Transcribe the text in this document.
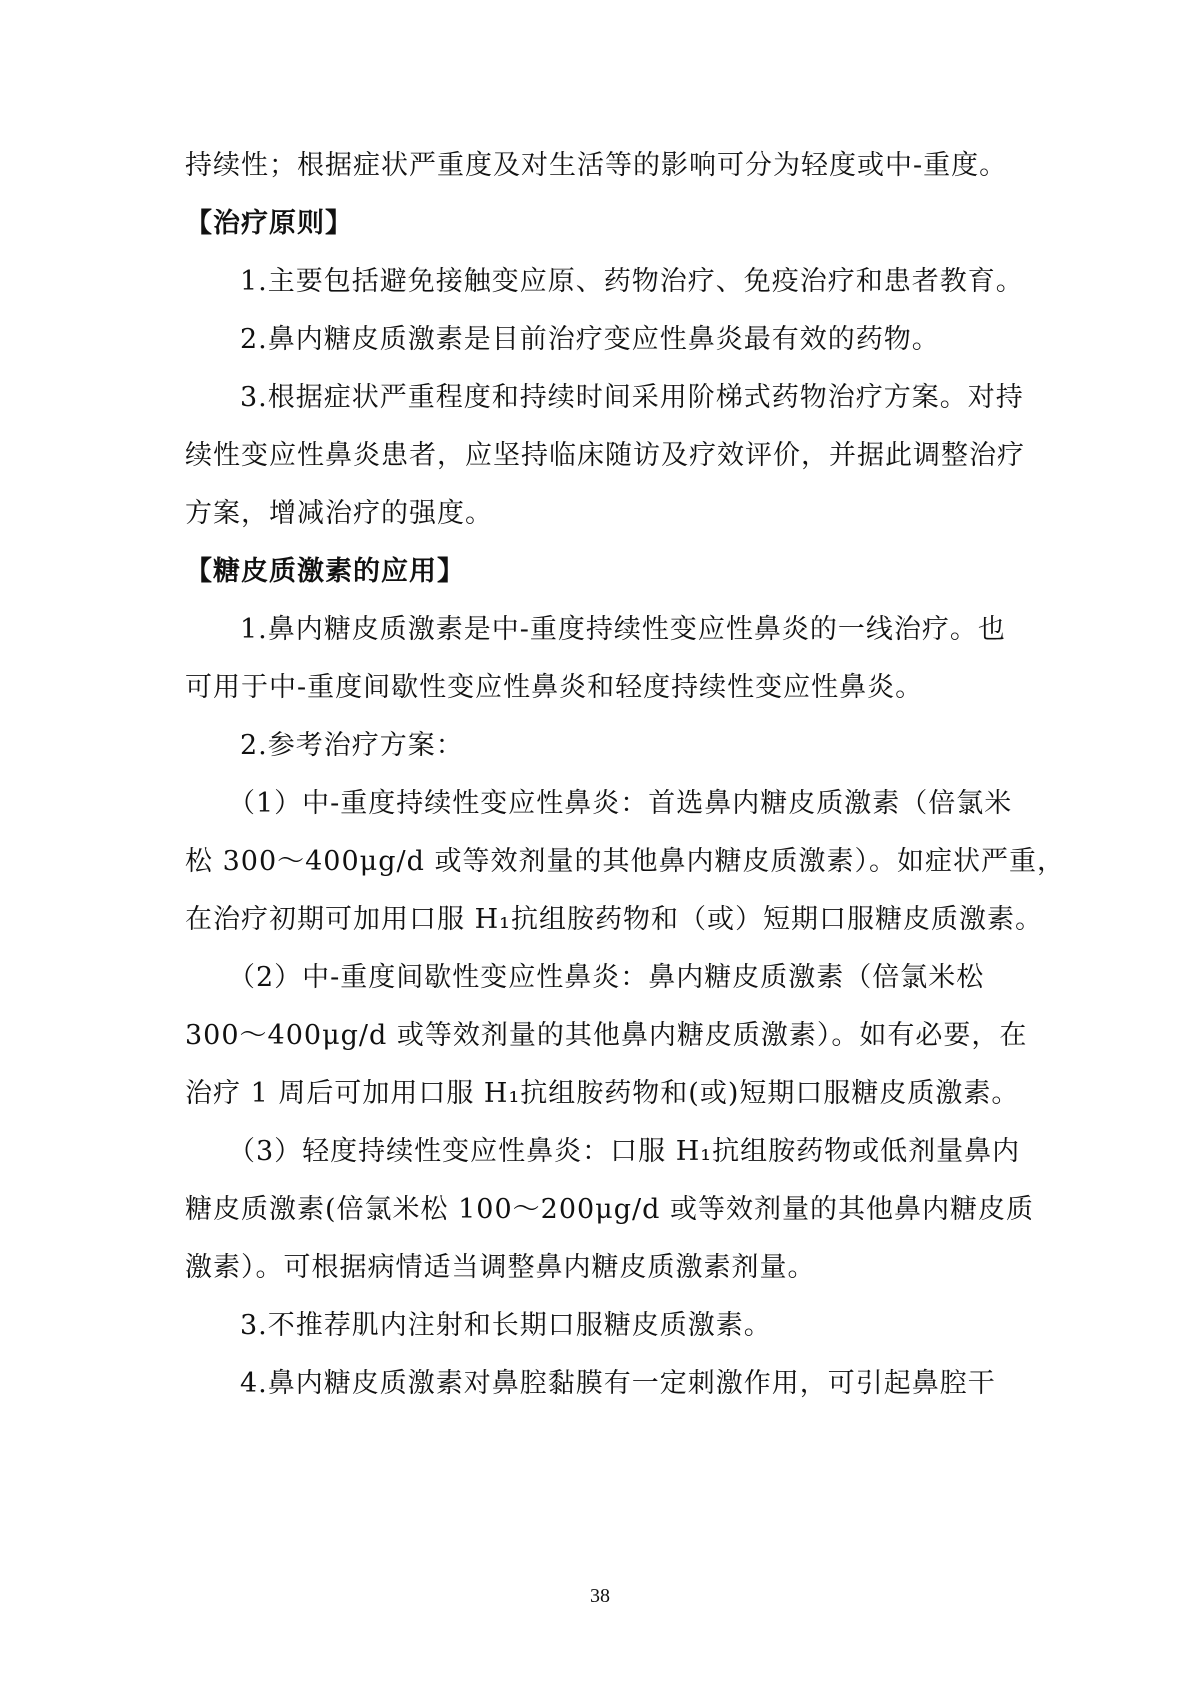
持续性；根据症状严重度及对生活等的影响可分为轻度或中-重度。
【治疗原则】
1.主要包括避免接触变应原、药物治疗、免疫治疗和患者教育。
2.鼻内糖皮质激素是目前治疗变应性鼻炎最有效的药物。
3.根据症状严重程度和持续时间采用阶梯式药物治疗方案。对持
续性变应性鼻炎患者，应坚持临床随访及疗效评价，并据此调整治疗
方案，增减治疗的强度。
【糖皮质激素的应用】
1.鼻内糖皮质激素是中-重度持续性变应性鼻炎的一线治疗。也
可用于中-重度间歇性变应性鼻炎和轻度持续性变应性鼻炎。
2.参考治疗方案：
（1）中-重度持续性变应性鼻炎：首选鼻内糖皮质激素（倍氯米
松 300～400μg/d 或等效剂量的其他鼻内糖皮质激素）。如症状严重，
在治疗初期可加用口服 H₁抗组胺药物和（或）短期口服糖皮质激素。
（2）中-重度间歇性变应性鼻炎：鼻内糖皮质激素（倍氯米松
300～400μg/d 或等效剂量的其他鼻内糖皮质激素）。如有必要，在
治疗 1 周后可加用口服 H₁抗组胺药物和(或)短期口服糖皮质激素。
（3）轻度持续性变应性鼻炎：口服 H₁抗组胺药物或低剂量鼻内
糖皮质激素(倍氯米松 100～200μg/d 或等效剂量的其他鼻内糖皮质
激素）。可根据病情适当调整鼻内糖皮质激素剂量。
3.不推荐肌内注射和长期口服糖皮质激素。
4.鼻内糖皮质激素对鼻腔黏膜有一定刺激作用，可引起鼻腔干
38
